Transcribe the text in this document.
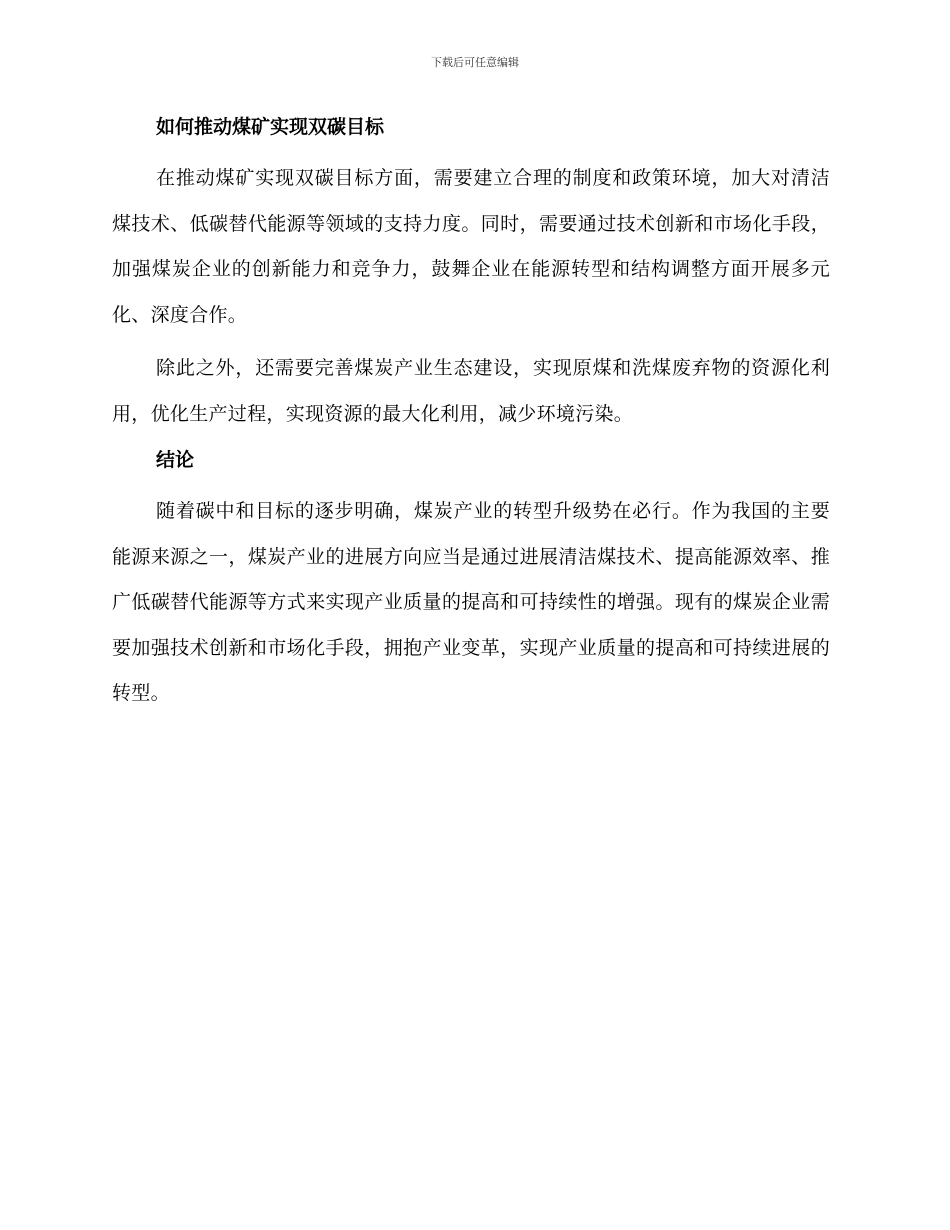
下载后可任意编辑
如何推动煤矿实现双碳目标

在推动煤矿实现双碳目标方面，需要建立合理的制度和政策环境，加大对清洁煤技术、低碳替代能源等领域的支持力度。同时，需要通过技术创新和市场化手段，加强煤炭企业的创新能力和竞争力，鼓舞企业在能源转型和结构调整方面开展多元化、深度合作。

除此之外，还需要完善煤炭产业生态建设，实现原煤和洗煤废弃物的资源化利用，优化生产过程，实现资源的最大化利用，减少环境污染。

结论

随着碳中和目标的逐步明确，煤炭产业的转型升级势在必行。作为我国的主要能源来源之一，煤炭产业的进展方向应当是通过进展清洁煤技术、提高能源效率、推广低碳替代能源等方式来实现产业质量的提高和可持续性的增强。现有的煤炭企业需要加强技术创新和市场化手段，拥抱产业变革，实现产业质量的提高和可持续进展的转型。
